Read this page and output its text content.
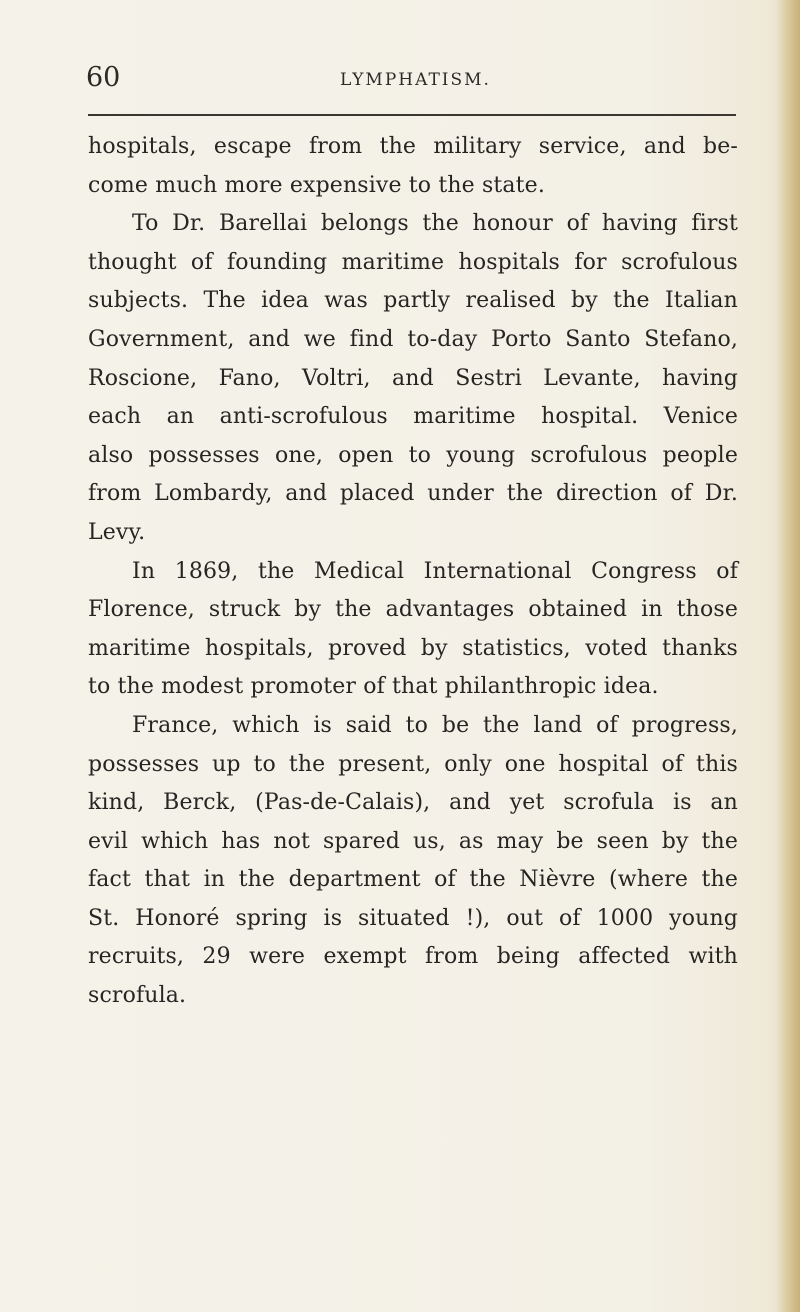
60	LYMPHATISM.
hospitals, escape from the military service, and be-
come much more expensive to the state.
To Dr. Barellai belongs the honour of having first
thought of founding maritime hospitals for scrofulous
subjects. The idea was partly realised by the Italian
Government, and we find to-day Porto Santo Stefano,
Roscione, Fano, Voltri, and Sestri Levante, having
each an anti-scrofulous maritime hospital. Venice
also possesses one, open to young scrofulous people
from Lombardy, and placed under the direction of Dr.
Levy.
In 1869, the Medical International Congress of
Florence, struck by the advantages obtained in those
maritime hospitals, proved by statistics, voted thanks
to the modest promoter of that philanthropic idea.
France, which is said to be the land of progress,
possesses up to the present, only one hospital of this
kind, Berck, (Pas-de-Calais), and yet scrofula is an
evil which has not spared us, as may be seen by the
fact that in the department of the Nièvre (where the
St. Honoré spring is situated !), out of 1000 young
recruits, 29 were exempt from being affected with
scrofula.
